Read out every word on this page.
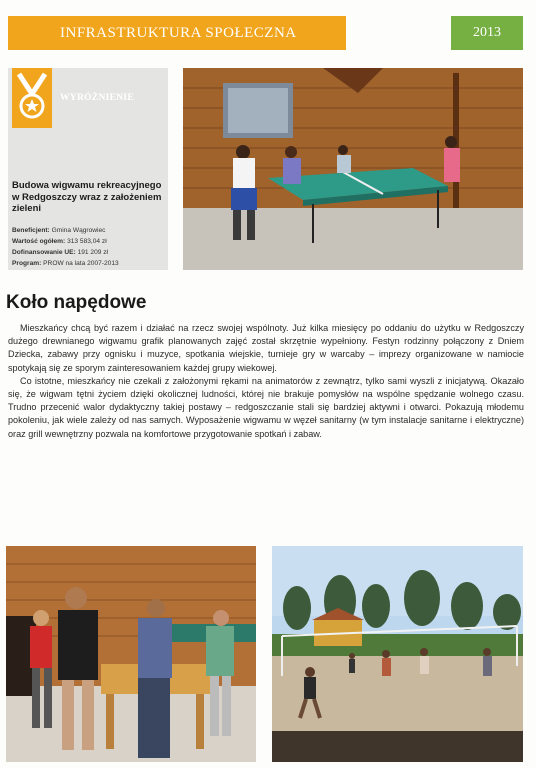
INFRASTRUKTURA SPOŁECZNA	2013
WYRÓŻNIENIE
Budowa wigwamu rekreacyjnego w Redgoszczy wraz z założeniem zieleni
Beneficjent: Gmina Wągrowiec
Wartość ogółem: 313 583,04 zł
Dofinansowanie UE: 191 209 zł
Program: PROW na lata 2007-2013
Koło napędowe

Mieszkańcy chcą być razem i działać na rzecz swojej wspólnoty. Już kilka miesięcy po oddaniu do użytku w Redgoszczy dużego drewnianego wigwamu grafik planowanych zajęć został skrzętnie wypełniony. Festyn rodzinny połączony z Dniem Dziecka, zabawy przy ognisku i muzyce, spotkania wiejskie, turnieje gry w warcaby – imprezy organizowane w namiocie spotykają się ze sporym zainteresowaniem każdej grupy wiekowej.

Co istotne, mieszkańcy nie czekali z założonymi rękami na animatorów z zewnątrz, tylko sami wyszli z inicjatywą. Okazało się, że wigwam tętni życiem dzięki okolicznej ludności, której nie brakuje pomysłów na wspólne spędzanie wolnego czasu. Trudno przecenić walor dydaktyczny takiej postawy – redgoszczanie stali się bardziej aktywni i otwarci. Pokazują młodemu pokoleniu, jak wiele zależy od nas samych. Wyposażenie wigwamu w węzeł sanitarny (w tym instalacje sanitarne i elektryczne) oraz grill wewnętrzny pozwala na komfortowe przygotowanie spotkań i zabaw.
